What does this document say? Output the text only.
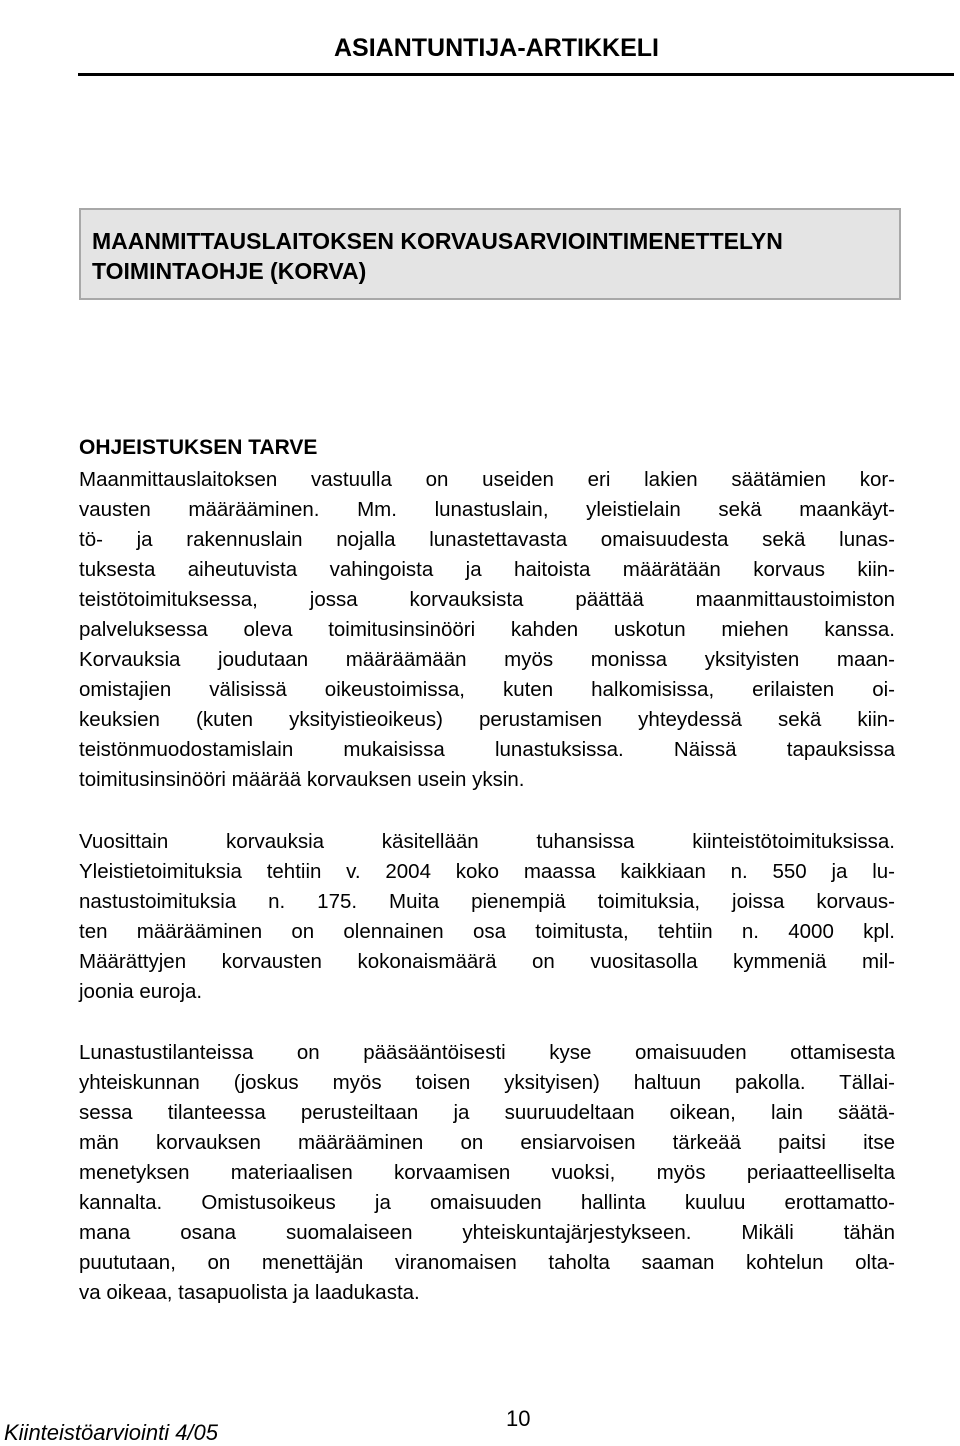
ASIANTUNTIJA-ARTIKKELI
MAANMITTAUSLAITOKSEN KORVAUSARVIOINTIMENETTELYN
TOIMINTAOHJE (KORVA)
OHJEISTUKSEN TARVE
Maanmittauslaitoksen vastuulla on useiden eri lakien säätämien kor-
vausten määrääminen. Mm. lunastuslain, yleistielain sekä maankäyt-
tö- ja rakennuslain nojalla lunastettavasta omaisuudesta sekä lunas-
tuksesta aiheutuvista vahingoista ja haitoista määrätään korvaus kiin-
teistötoimituksessa, jossa korvauksista päättää maanmittaustoimiston
palveluksessa oleva toimitusinsinööri kahden uskotun miehen kanssa.
Korvauksia joudutaan määräämään myös monissa yksityisten maan-
omistajien välisissä oikeustoimissa, kuten halkomisissa, erilaisten oi-
keuksien (kuten yksityistieoikeus) perustamisen yhteydessä sekä kiin-
teistönmuodostamislain mukaisissa lunastuksissa. Näissä tapauksissa
toimitusinsinööri määrää korvauksen usein yksin.
Vuosittain korvauksia käsitellään tuhansissa kiinteistötoimituksissa.
Yleistietoimituksia tehtiin v. 2004 koko maassa kaikkiaan n. 550 ja lu-
nastustoimituksia n. 175. Muita pienempiä toimituksia, joissa korvaus-
ten määrääminen on olennainen osa toimitusta, tehtiin n. 4000 kpl.
Määrättyjen korvausten kokonaismäärä on vuositasolla kymmeniä mil-
joonia euroja.
Lunastustilanteissa on pääsääntöisesti kyse omaisuuden ottamisesta
yhteiskunnan (joskus myös toisen yksityisen) haltuun pakolla. Tällai-
sessa tilanteessa perusteiltaan ja suuruudeltaan oikean, lain säätä-
män korvauksen määrääminen on ensiarvoisen tärkeää paitsi itse
menetyksen materiaalisen korvaamisen vuoksi, myös periaatteelliselta
kannalta. Omistusoikeus ja omaisuuden hallinta kuuluu erottamatto-
mana osana suomalaiseen yhteiskuntajärjestykseen. Mikäli tähän
puututaan, on menettäjän viranomaisen taholta saaman kohtelun olta-
va oikeaa, tasapuolista ja laadukasta.
Kiinteistöarviointi 4/05
10
